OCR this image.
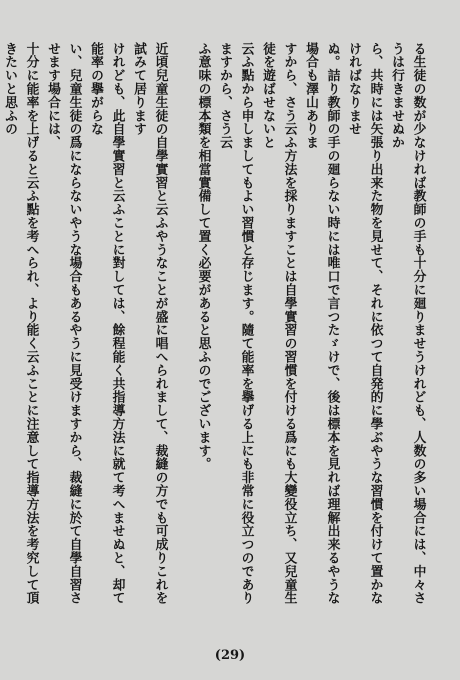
る生徒の数が少なければ教師の手も十分に廻りませうけれども、人数の多い場合には、中々さうは行きませぬか
ら、共時には矢張り出来た物を見せて、それに依つて自発的に學ぶやうな習慣を付けて置かなければなりませ
ぬ。詰り教師の手の廻らない時には唯口で言つたゞけで、後は標本を見れば理解出来るやうな場合も澤山ありま
すから、さう云ふ方法を採りますことは自學實習の習慣を付ける爲にも大變役立ち、又兒童生徒を遊ばせないと
云ふ點から申しましてもよい習慣と存じます。隨て能率を擧げる上にも非常に役立つのでありますから、さう云
ふ意味の標本類を相當實備して置く必要があると思ふのでございます。

近頃兒童生徒の自學實習と云ふやうなことが盛に唱へられまして、裁縫の方でも可成りこれを試みて居ります
けれども、此自學實習と云ふことに對しては、餘程能く共指導方法に就て考へませぬと、却て能率の擧がらな
い、兒童生徒の爲にならないやうな場合もあるやうに見受けますから、裁縫に於て自學自習させます場合には、
十分に能率を上げると云ふ點を考へられ、より能く云ふことに注意して指導方法を考究して頂きたいと思ふの

(29)
